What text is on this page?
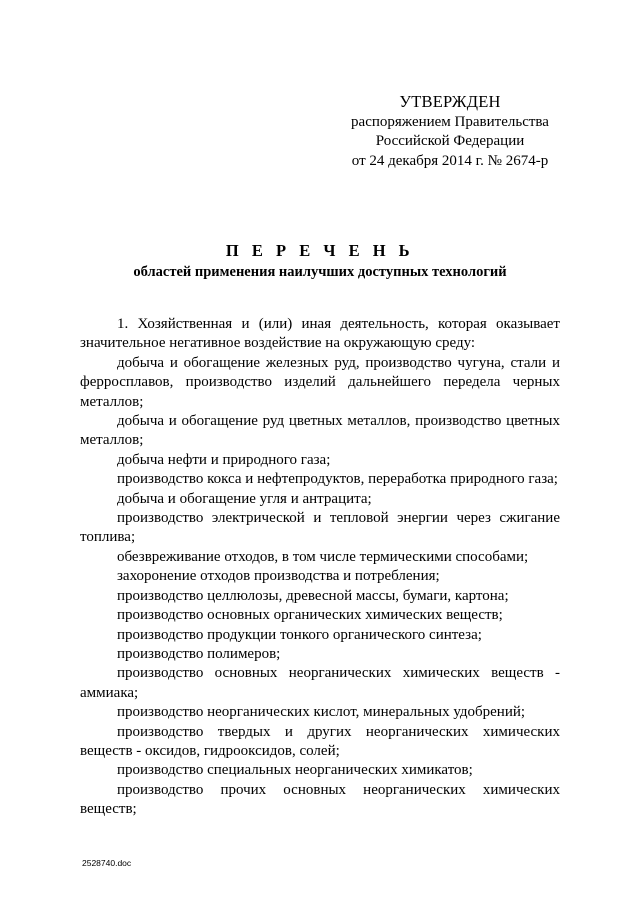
УТВЕРЖДЕН
распоряжением Правительства
Российской Федерации
от 24 декабря 2014 г. № 2674-р
П Е Р Е Ч Е Н Ь
областей применения наилучших доступных технологий

1. Хозяйственная и (или) иная деятельность, которая оказывает значительное негативное воздействие на окружающую среду:

добыча и обогащение железных руд, производство чугуна, стали и ферросплавов, производство изделий дальнейшего передела черных металлов;

добыча и обогащение руд цветных металлов, производство цветных металлов;

добыча нефти и природного газа;

производство кокса и нефтепродуктов, переработка природного газа;

добыча и обогащение угля и антрацита;

производство электрической и тепловой энергии через сжигание топлива;

обезвреживание отходов, в том числе термическими способами;

захоронение отходов производства и потребления;

производство целлюлозы, древесной массы, бумаги, картона;

производство основных органических химических веществ;

производство продукции тонкого органического синтеза;

производство полимеров;

производство основных неорганических химических веществ - аммиака;

производство неорганических кислот, минеральных удобрений;

производство твердых и других неорганических химических веществ - оксидов, гидрооксидов, солей;

производство специальных неорганических химикатов;

производство прочих основных неорганических химических веществ;

2528740.doc
